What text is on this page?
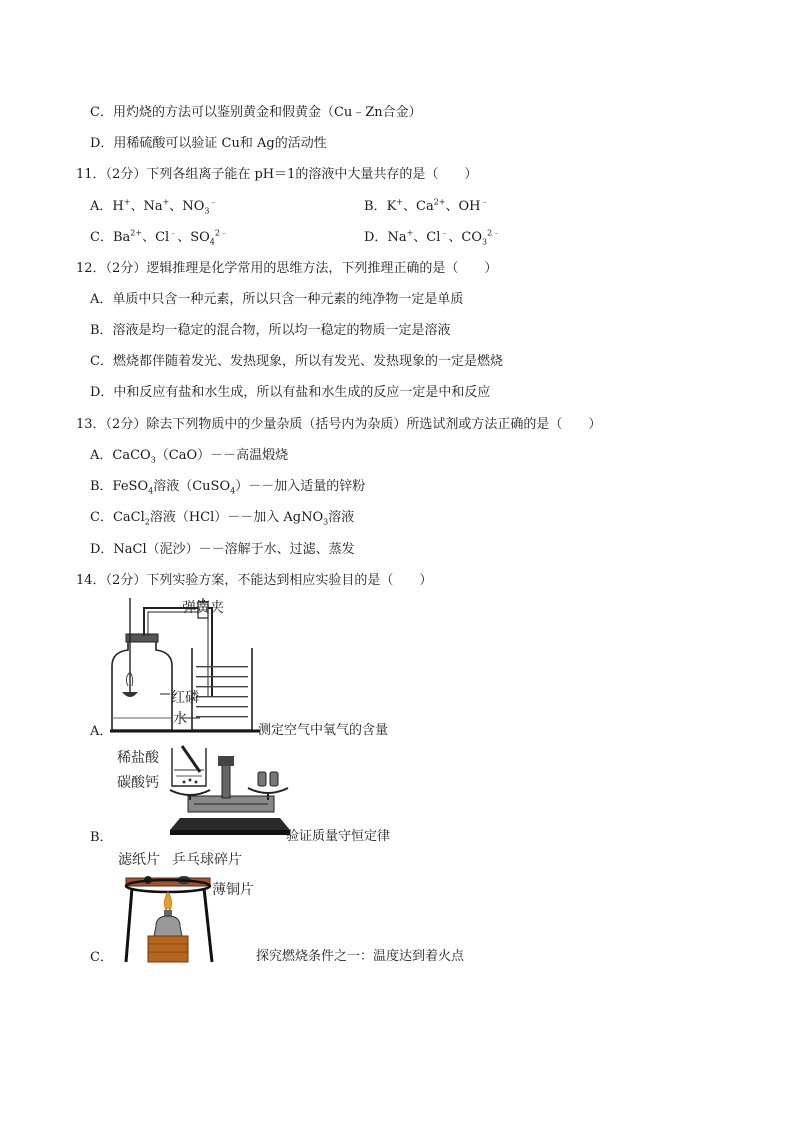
C．用灼烧的方法可以鉴别黄金和假黄金（Cu﹣Zn合金）
D．用稀硫酸可以验证 Cu和 Ag的活动性
11．（2分）下列各组离子能在 pH＝1的溶液中大量共存的是（　　）
A．H+、Na+、$NO_3^﹣$	B．K+、$Ca^{2+}$、OH﹣
C．$Ba^{2+}$、Cl﹣、$SO_4^{2﹣}$	D．Na+、Cl﹣、$CO_3^{2﹣}$
12．（2分）逻辑推理是化学常用的思维方法，下列推理正确的是（　　）
A．单质中只含一种元素，所以只含一种元素的纯净物一定是单质
B．溶液是均一稳定的混合物，所以均一稳定的物质一定是溶液
C．燃烧都伴随着发光、发热现象，所以有发光、发热现象的一定是燃烧
D．中和反应有盐和水生成，所以有盐和水生成的反应一定是中和反应
13．（2分）除去下列物质中的少量杂质（括号内为杂质）所选试剂或方法正确的是（　　）
A．CaCO$_3$（CaO）－－高温煅烧
B．FeSO$_4$溶液（CuSO$_4$）－－加入适量的锌粉
C．CaCl$_2$溶液（HCl）－－加入 AgNO$_3$溶液
D．NaCl（泥沙）－－溶解于水、过滤、蒸发
14．（2分）下列实验方案，不能达到相应实验目的是（　　）
A．
弹簧夹
红磷
水
测定空气中氧气的含量
B．
稀盐酸
碳酸钙
验证质量守恒定律
C．
滤纸片 乒乓球碎片
薄铜片
探究燃烧条件之一：温度达到着火点
